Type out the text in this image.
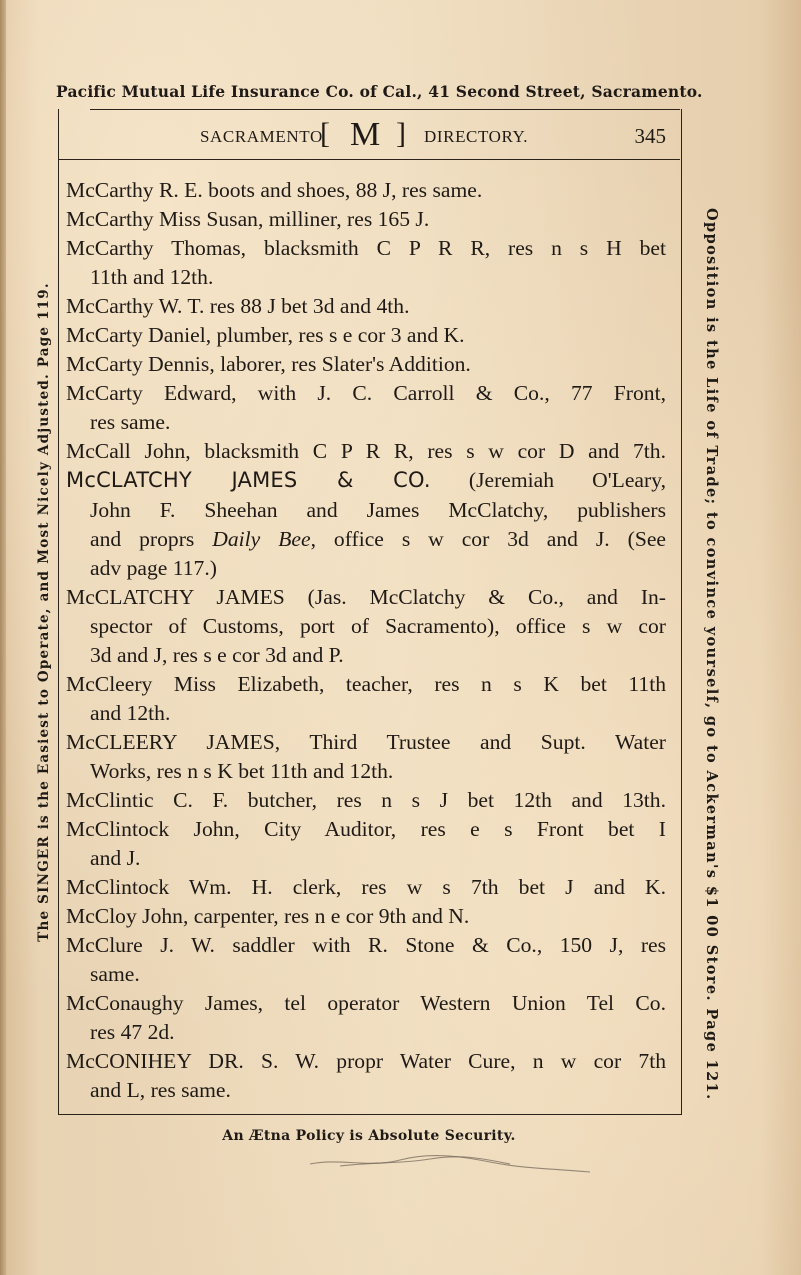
Pacific Mutual Life Insurance Co. of Cal., 41 Second Street, Sacramento.
SACRAMENTO
[ M ] DIRECTORY.	345
McCarthy R. E. boots and shoes, 88 J, res same.
McCarthy Miss Susan, milliner, res 165 J.
McCarthy Thomas, blacksmith C P R R, res n s H bet
11th and 12th.
McCarthy W. T. res 88 J bet 3d and 4th.
McCarty Daniel, plumber, res s e cor 3 and K.
McCarty Dennis, laborer, res Slater's Addition.
McCarty Edward, with J. C. Carroll & Co., 77 Front,
res same.
McCall John, blacksmith C P R R, res s w cor D and 7th.
McCLATCHY JAMES & CO. (Jeremiah O'Leary,
John F. Sheehan and James McClatchy, publishers
and proprs Daily Bee, office s w cor 3d and J. (See
adv page 117.)
McCLATCHY JAMES (Jas. McClatchy & Co., and In-
spector of Customs, port of Sacramento), office s w cor
3d and J, res s e cor 3d and P.
McCleery Miss Elizabeth, teacher, res n s K bet 11th
and 12th.
McCLEERY JAMES, Third Trustee and Supt. Water
Works, res n s K bet 11th and 12th.
McClintic C. F. butcher, res n s J bet 12th and 13th.
McClintock John, City Auditor, res e s Front bet I
and J.
McClintock Wm. H. clerk, res w s 7th bet J and K.
McCloy John, carpenter, res n e cor 9th and N.
McClure J. W. saddler with R. Stone & Co., 150 J, res
same.
McConaughy James, tel operator Western Union Tel Co.
res 47 2d.
McCONIHEY DR. S. W. propr Water Cure, n w cor 7th
and L, res same.
The SINGER is the Easiest to Operate, and Most Nicely Adjusted. Page 119.	Opposition is the Life of Trade; to convince yourself, go to Ackerman's $1 00 Store. Page 121.
An Ætna Policy is Absolute Security.
